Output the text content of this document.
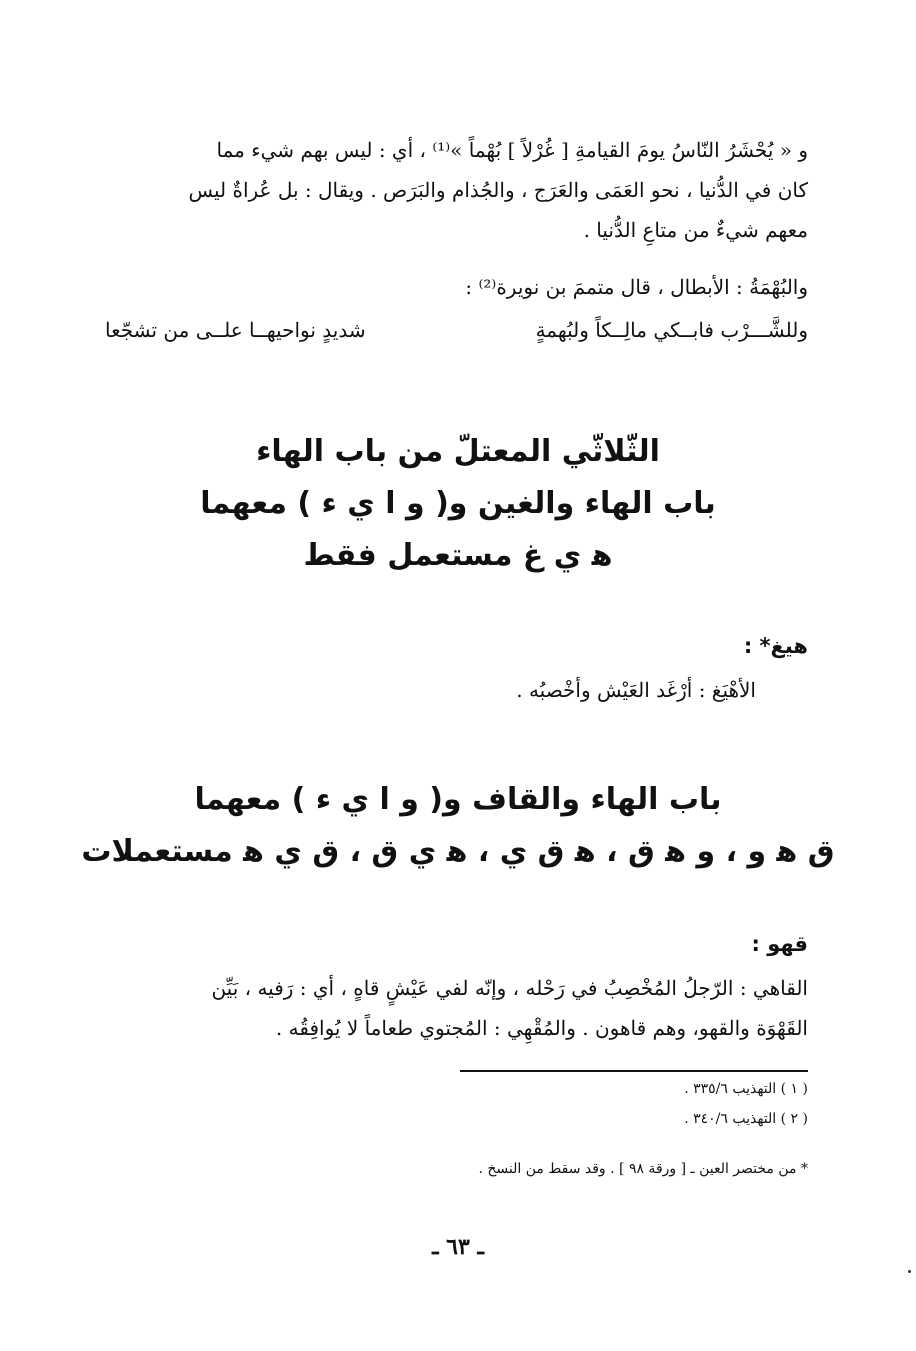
و « يُحْشَرُ النّاسُ يومَ القيامةِ [ غُرْلاً ] بُهْماً »⁽¹⁾ ، أي : ليس بهم شيء مما
كان في الدُّنيا ، نحو العَمَى والعَرَج ، والجُذام والبَرَص . ويقال : بل عُراةٌ ليس
معهم شيءٌ من متاعِ الدُّنيا .
والبُهْمَةُ : الأبطال ، قال متممَ بن نويرة⁽²⁾ :
وللشَّـــرْب فابــكي مالِــكاً ولبُهمةٍ
شديدٍ نواحيهــا علــى من تشجّعا
الثّلاثّي المعتلّ من باب الهاء
باب الهاء والغين و( و ا ي ء ) معهما
ﻫ ي غ مستعمل فقط
هيغ* :
الأهْيَغ : أرْغَد العَيْش وأخْصبُه .
باب الهاء والقاف و( و ا ي ء ) معهما
ق ﻫ و ، و ﻫ ق ، ﻫ ق ي ، ﻫ ي ق ، ق ي ﻫ مستعملات
قهو :
القاهي : الرّجلُ المُخْصِبُ في رَحْله ، وإنّه لفي عَيْشٍ قاهٍ ، أي : رَفيه ، بَيِّن
القَهْوَة والقهو، وهم قاهون . والمُقْهِي : المُجتوي طعاماً لا يُوافِقُه .
( ١ ) التهذيب ٣٣٥/٦ .
( ٢ ) التهذيب ٣٤٠/٦ .
* من مختصر العين ـ [ ورقة ٩٨ ] . وقد سقط من النسخ .
ـ ٦٣ ـ
